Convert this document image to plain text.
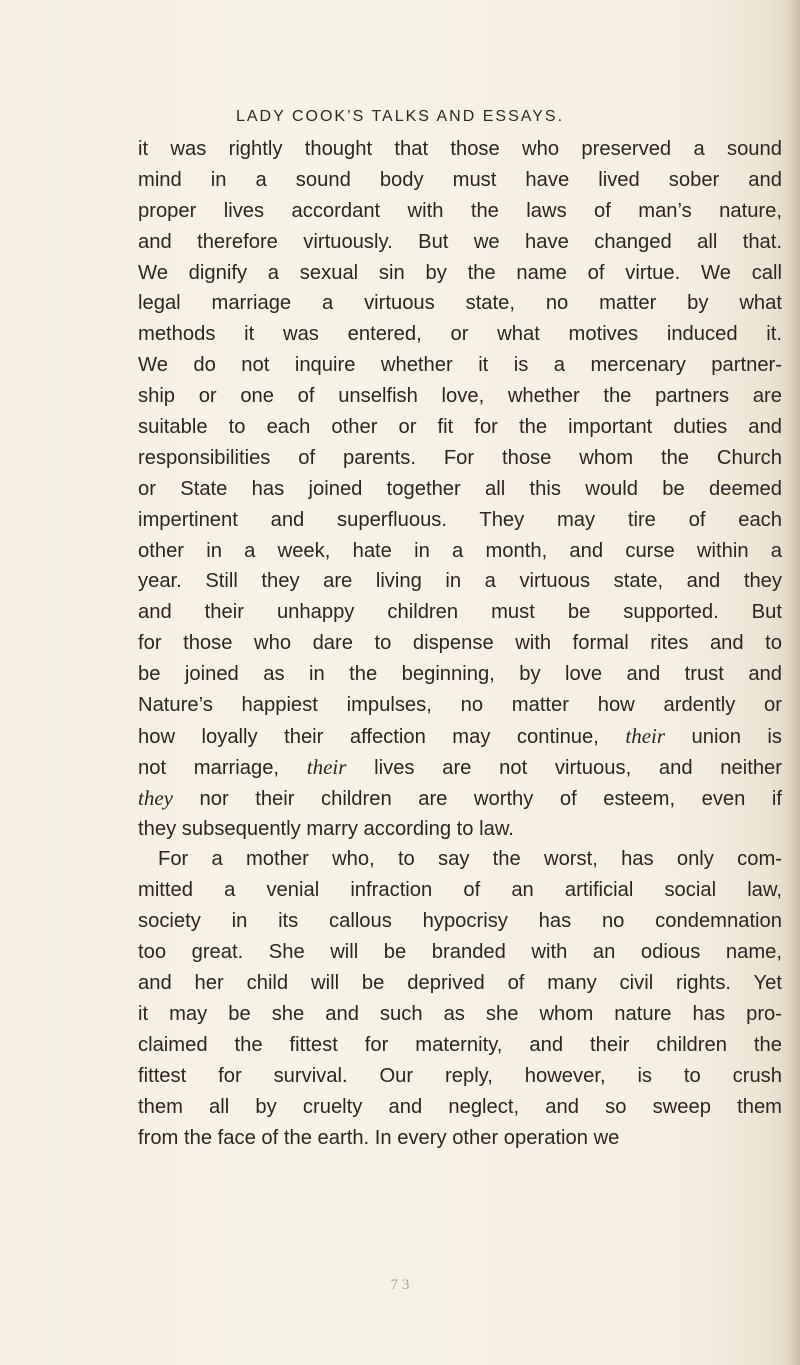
LADY COOK’S TALKS AND ESSAYS.
it was rightly thought that those who preserved a sound
mind in a sound body must have lived sober and
proper lives accordant with the laws of man’s nature,
and therefore virtuously. But we have changed all that.
We dignify a sexual sin by the name of virtue. We call
legal marriage a virtuous state, no matter by what
methods it was entered, or what motives induced it.
We do not inquire whether it is a mercenary partner-
ship or one of unselfish love, whether the partners are
suitable to each other or fit for the important duties and
responsibilities of parents. For those whom the Church
or State has joined together all this would be deemed
impertinent and superfluous. They may tire of each
other in a week, hate in a month, and curse within a
year. Still they are living in a virtuous state, and they
and their unhappy children must be supported. But
for those who dare to dispense with formal rites and to
be joined as in the beginning, by love and trust and
Nature’s happiest impulses, no matter how ardently or
how loyally their affection may continue, their union is
not marriage, their lives are not virtuous, and neither
they nor their children are worthy of esteem, even if
they subsequently marry according to law.
For a mother who, to say the worst, has only com-
mitted a venial infraction of an artificial social law,
society in its callous hypocrisy has no condemnation
too great. She will be branded with an odious name,
and her child will be deprived of many civil rights. Yet
it may be she and such as she whom nature has pro-
claimed the fittest for maternity, and their children the
fittest for survival. Our reply, however, is to crush
them all by cruelty and neglect, and so sweep them
from the face of the earth. In every other operation we
7 3
